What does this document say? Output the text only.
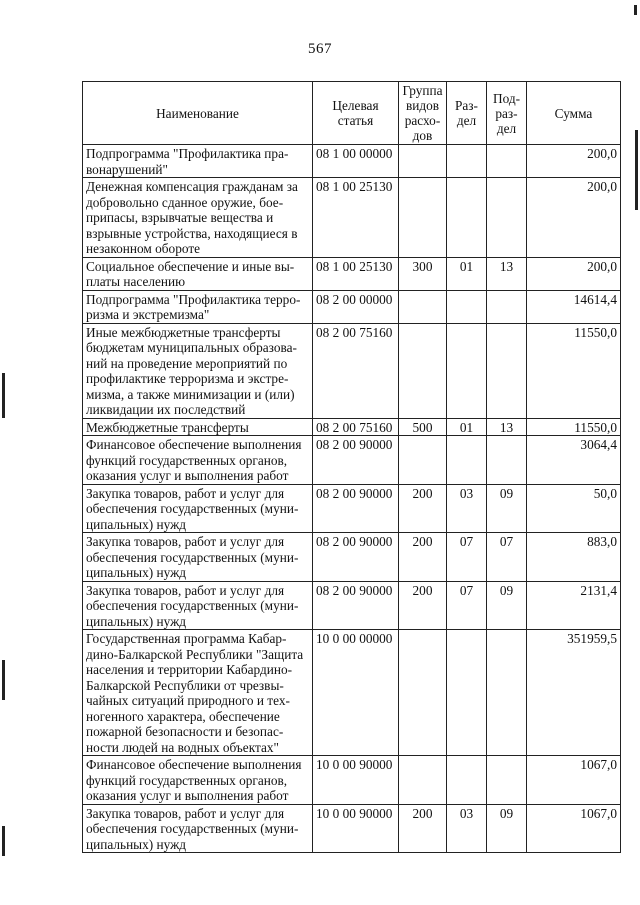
567
Наименование	Целевая статья	Группа видов расхо-дов	Раз-дел	Под-раз-дел	Сумма
Подпрограмма "Профилактика пра-вонарушений"	08 1 00 00000				200,0
Денежная компенсация гражданам за добровольно сданное оружие, бое-припасы, взрывчатые вещества и взрывные устройства, находящиеся в незаконном обороте	08 1 00 25130				200,0
Социальное обеспечение и иные вы-платы населению	08 1 00 25130	300	01	13	200,0
Подпрограмма "Профилактика терро-ризма и экстремизма"	08 2 00 00000				14614,4
Иные межбюджетные трансферты бюджетам муниципальных образова-ний на проведение мероприятий по профилактике терроризма и экстре-мизма, а также минимизации и (или) ликвидации их последствий	08 2 00 75160				11550,0
Межбюджетные трансферты	08 2 00 75160	500	01	13	11550,0
Финансовое обеспечение выполнения функций государственных органов, оказания услуг и выполнения работ	08 2 00 90000				3064,4
Закупка товаров, работ и услуг для обеспечения государственных (муни-ципальных) нужд	08 2 00 90000	200	03	09	50,0
Закупка товаров, работ и услуг для обеспечения государственных (муни-ципальных) нужд	08 2 00 90000	200	07	07	883,0
Закупка товаров, работ и услуг для обеспечения государственных (муни-ципальных) нужд	08 2 00 90000	200	07	09	2131,4
Государственная программа Кабар-дино-Балкарской Республики "Защита населения и территории Кабардино-Балкарской Республики от чрезвы-чайных ситуаций природного и тех-ногенного характера, обеспечение пожарной безопасности и безопас-ности людей на водных объектах"	10 0 00 00000				351959,5
Финансовое обеспечение выполнения функций государственных органов, оказания услуг и выполнения работ	10 0 00 90000				1067,0
Закупка товаров, работ и услуг для обеспечения государственных (муни-ципальных) нужд	10 0 00 90000	200	03	09	1067,0
